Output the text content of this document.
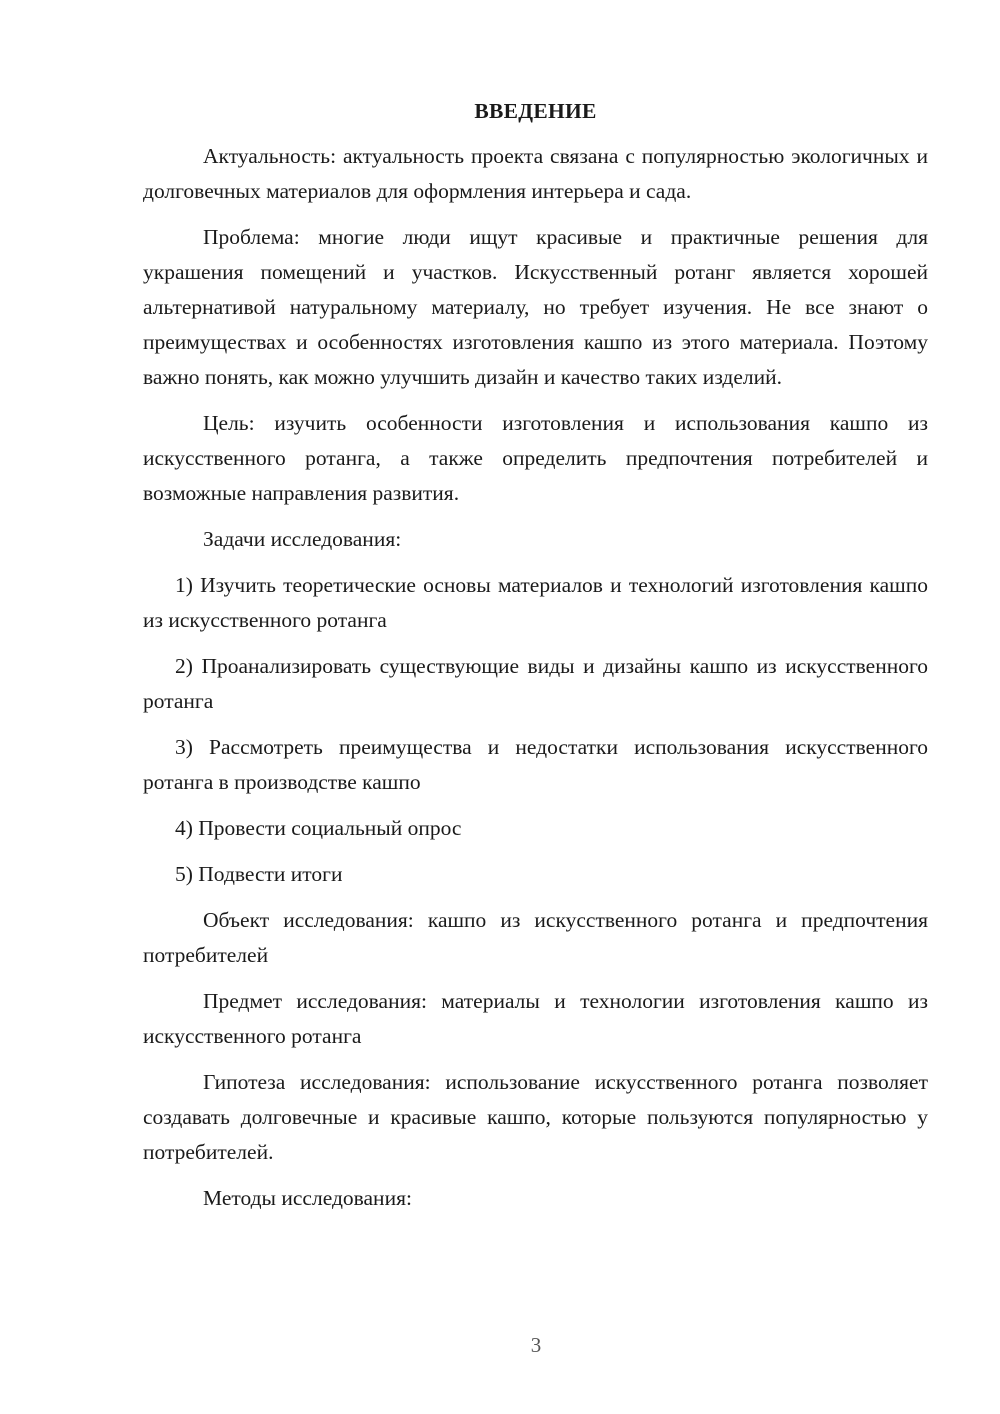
ВВЕДЕНИЕ

Актуальность: актуальность проекта связана с популярностью экологичных и долговечных материалов для оформления интерьера и сада.

Проблема: многие люди ищут красивые и практичные решения для украшения помещений и участков. Искусственный ротанг является хорошей альтернативой натуральному материалу, но требует изучения. Не все знают о преимуществах и особенностях изготовления кашпо из этого материала. Поэтому важно понять, как можно улучшить дизайн и качество таких изделий.

Цель: изучить особенности изготовления и использования кашпо из искусственного ротанга, а также определить предпочтения потребителей и возможные направления развития.

Задачи исследования:

1) Изучить теоретические основы материалов и технологий изготовления кашпо из искусственного ротанга

2) Проанализировать существующие виды и дизайны кашпо из искусственного ротанга

3) Рассмотреть преимущества и недостатки использования искусственного ротанга в производстве кашпо

4) Провести социальный опрос

5) Подвести итоги

Объект исследования: кашпо из искусственного ротанга и предпочтения потребителей

Предмет исследования: материалы и технологии изготовления кашпо из искусственного ротанга

Гипотеза исследования: использование искусственного ротанга позволяет создавать долговечные и красивые кашпо, которые пользуются популярностью у потребителей.

Методы исследования:

3
